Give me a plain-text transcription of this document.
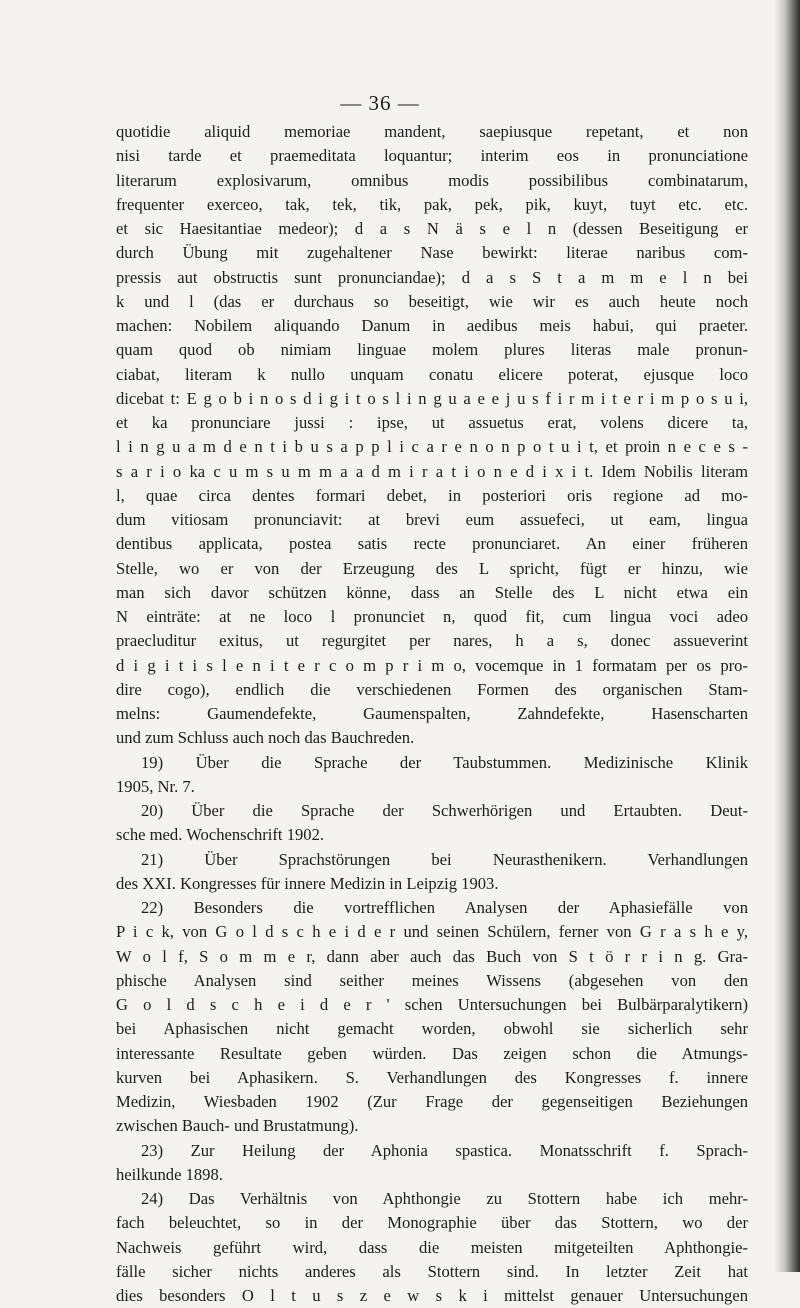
— 36 —
quotidie aliquid memoriae mandent, saepiusque repetant, et non
nisi tarde et praemeditata loquantur; interim eos in pronunciatione
literarum explosivarum, omnibus modis possibilibus combinatarum,
frequenter exerceo, tak, tek, tik, pak, pek, pik, kuyt, tuyt etc. etc.
et sic Haesitantiae medeor); d a s N ä s e l n (dessen Beseitigung er
durch Übung mit zugehaltener Nase bewirkt: literae naribus com-
pressis aut obstructis sunt pronunciandae); d a s S t a m m e l n bei
k und l (das er durchaus so beseitigt, wie wir es auch heute noch
machen: Nobilem aliquando Danum in aedibus meis habui, qui praeter.
quam quod ob nimiam linguae molem plures literas male pronun-
ciabat, literam k nullo unquam conatu elicere poterat, ejusque loco
dicebat t: E g o b i n o s d i g i t o s l i n g u a e e j u s f i r m i t e r i m p o s u i,
et ka pronunciare jussi : ipse, ut assuetus erat, volens dicere ta,
l i n g u a m d e n t i b u s a p p l i c a r e n o n p o t u i t, et proin n e c e s -
s a r i o ka c u m s u m m a a d m i r a t i o n e d i x i t. Idem Nobilis literam
l, quae circa dentes formari debet, in posteriori oris regione ad mo-
dum vitiosam pronunciavit: at brevi eum assuefeci, ut eam, lingua
dentibus applicata, postea satis recte pronunciaret. An einer früheren
Stelle, wo er von der Erzeugung des L spricht, fügt er hinzu, wie
man sich davor schützen könne, dass an Stelle des L nicht etwa ein
N einträte: at ne loco l pronunciet n, quod fit, cum lingua voci adeo
praecluditur exitus, ut regurgitet per nares, h a s, donec assueverint
d i g i t i s l e n i t e r c o m p r i m o, vocemque in 1 formatam per os pro-
dire cogo), endlich die verschiedenen Formen des organischen Stam-
melns: Gaumendefekte, Gaumenspalten, Zahndefekte, Hasenscharten
und zum Schluss auch noch das Bauchreden.
19) Über die Sprache der Taubstummen. Medizinische Klinik
1905, Nr. 7.
20) Über die Sprache der Schwerhörigen und Ertaubten. Deut-
sche med. Wochenschrift 1902.
21) Über Sprachstörungen bei Neurasthenikern. Verhandlungen
des XXI. Kongresses für innere Medizin in Leipzig 1903.
22) Besonders die vortrefflichen Analysen der Aphasiefälle von
P i c k, von G o l d s c h e i d e r und seinen Schülern, ferner von G r a s h e y,
W o l f, S o m m e r, dann aber auch das Buch von S t ö r r i n g. Gra-
phische Analysen sind seither meines Wissens (abgesehen von den
G o l d s c h e i d e r ' schen Untersuchungen bei Bulbärparalytikern)
bei Aphasischen nicht gemacht worden, obwohl sie sicherlich sehr
interessante Resultate geben würden. Das zeigen schon die Atmungs-
kurven bei Aphasikern. S. Verhandlungen des Kongresses f. innere
Medizin, Wiesbaden 1902 (Zur Frage der gegenseitigen Beziehungen
zwischen Bauch- und Brustatmung).
23) Zur Heilung der Aphonia spastica. Monatsschrift f. Sprach-
heilkunde 1898.
24) Das Verhältnis von Aphthongie zu Stottern habe ich mehr-
fach beleuchtet, so in der Monographie über das Stottern, wo der
Nachweis geführt wird, dass die meisten mitgeteilten Aphthongie-
fälle sicher nichts anderes als Stottern sind. In letzter Zeit hat
dies besonders O l t u s z e w s k i mittelst genauer Untersuchungen
